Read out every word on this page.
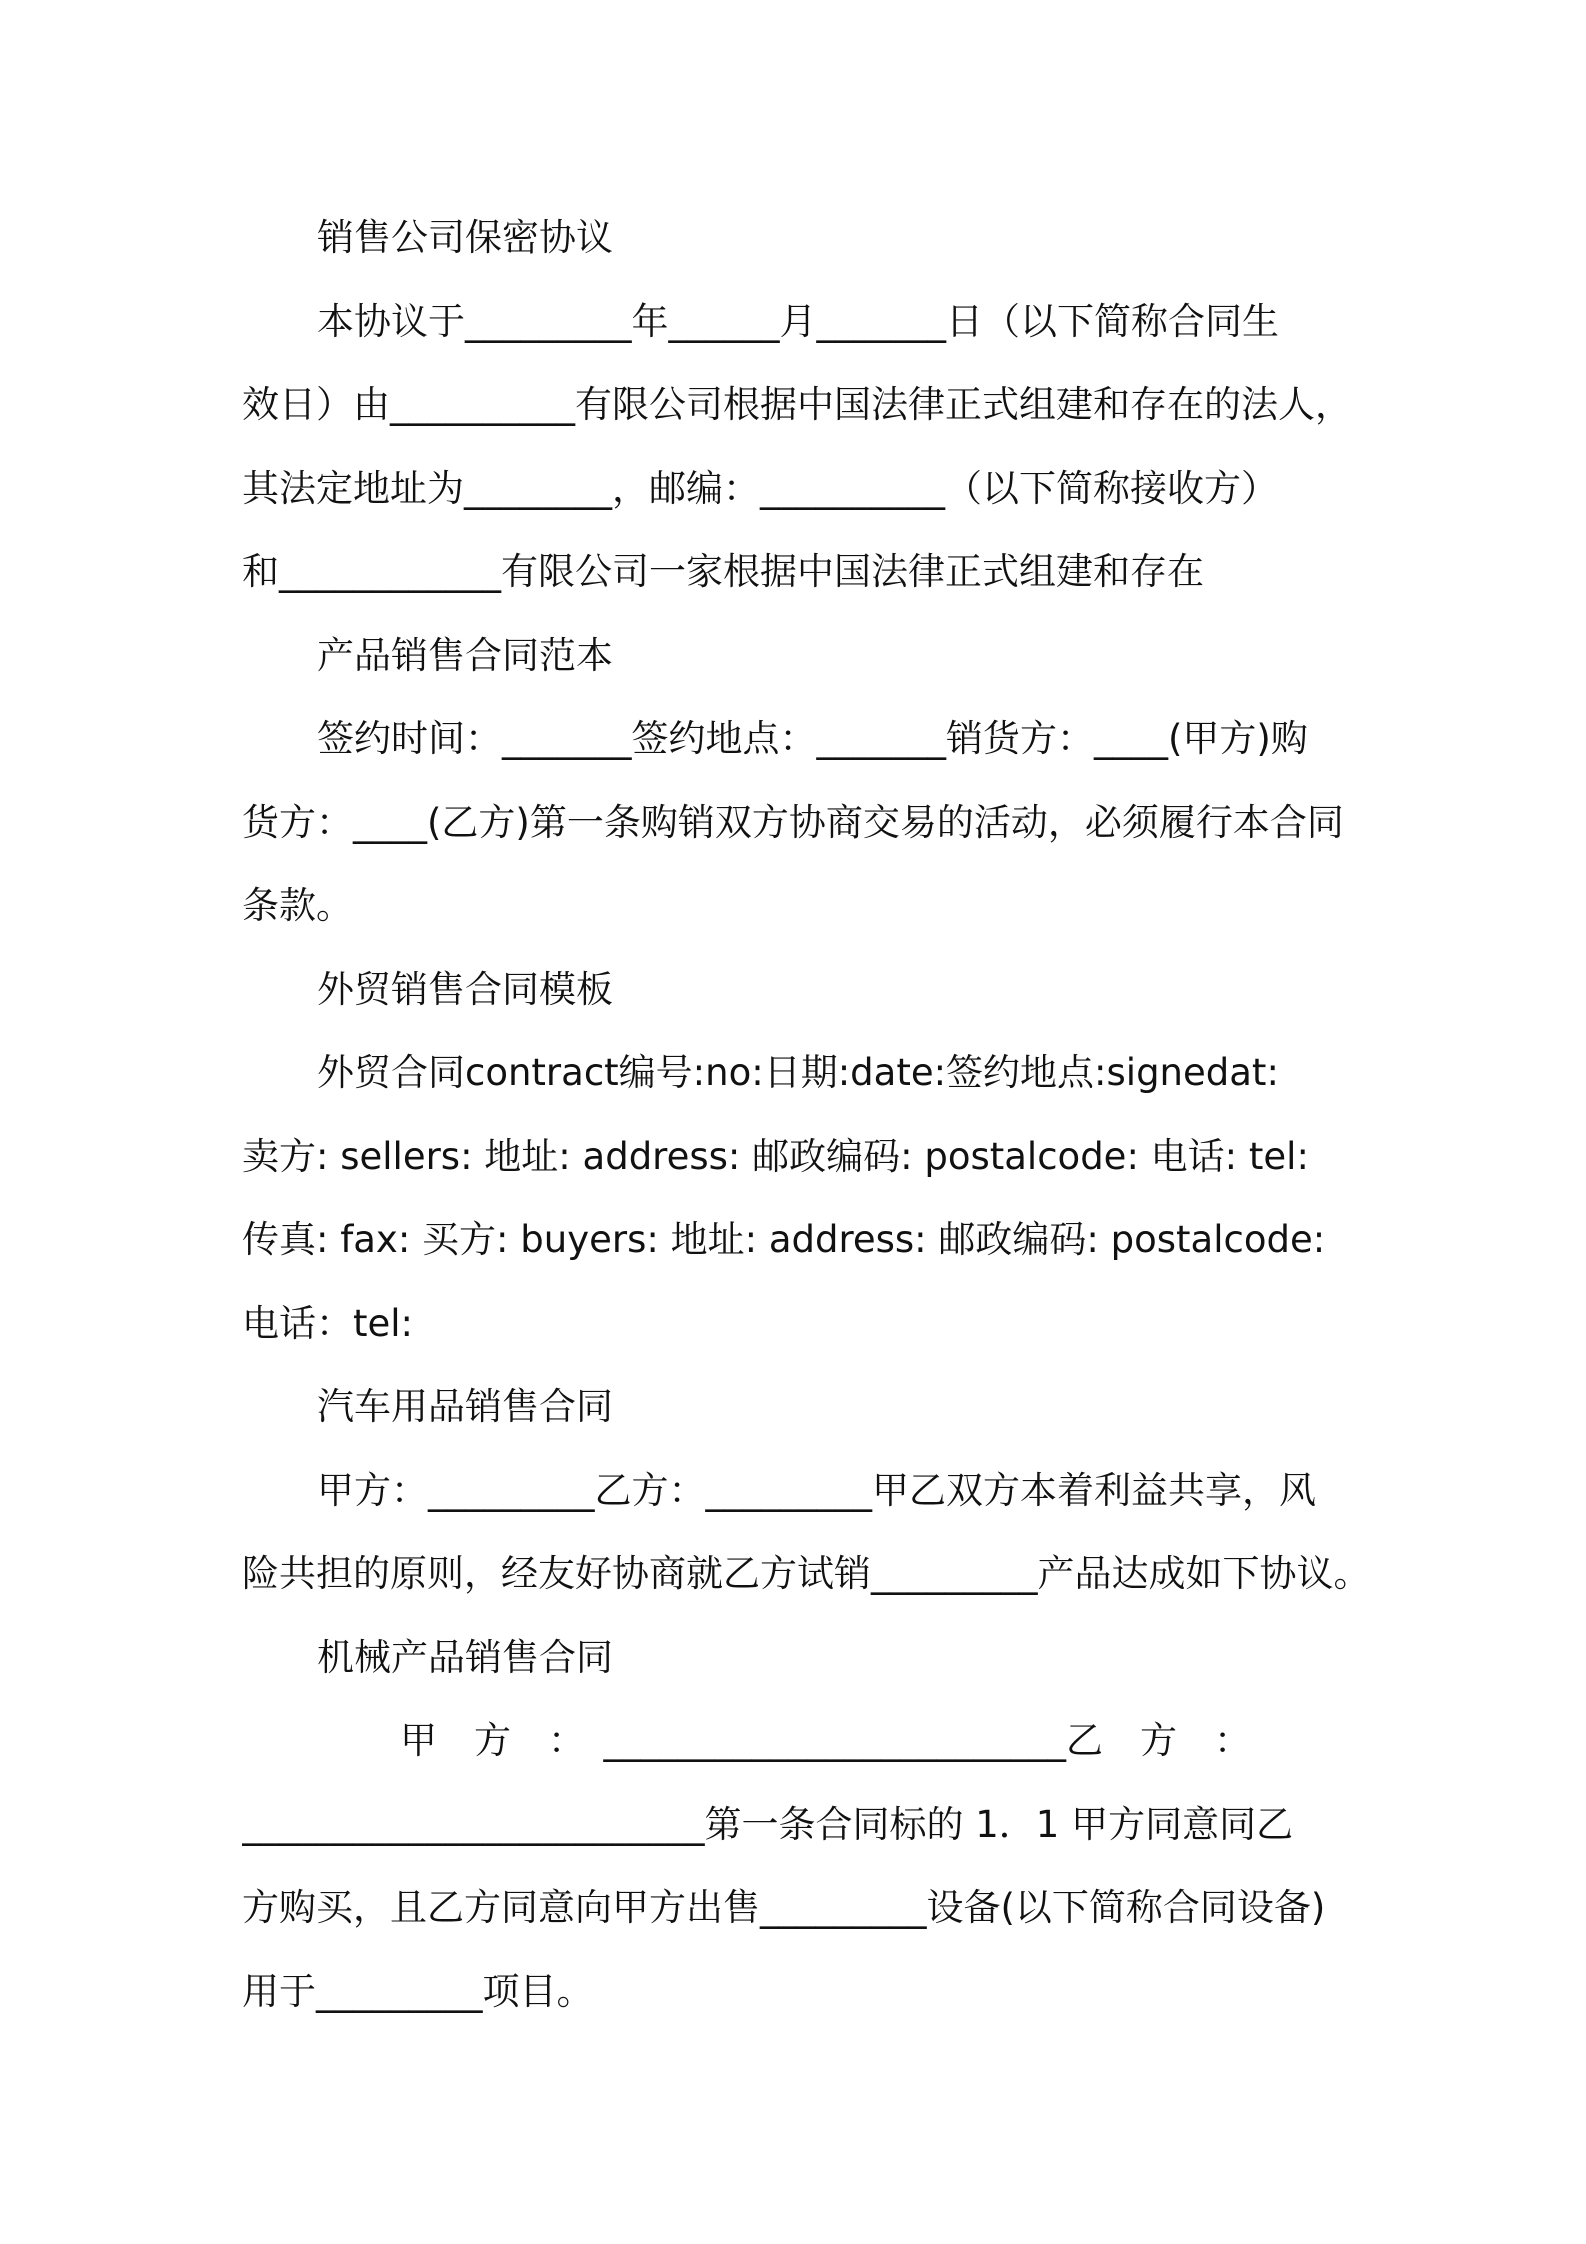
销售公司保密协议
本协议于_________年______月_______日（以下简称合同生
效日）由__________有限公司根据中国法律正式组建和存在的法人，
其法定地址为________，邮编：__________（以下简称接收方）
和____________有限公司一家根据中国法律正式组建和存在
产品销售合同范本
签约时间：_______签约地点：_______销货方：____(甲方)购
货方：____(乙方)第一条购销双方协商交易的活动，必须履行本合同
条款。
外贸销售合同模板
外贸合同contract编号:no:日期:date:签约地点:signedat:
卖方: sellers: 地址: address: 邮政编码: postalcode: 电话: tel:
传真: fax: 买方: buyers: 地址: address: 邮政编码: postalcode:
电话：tel:
汽车用品销售合同
甲方：_________乙方：_________甲乙双方本着利益共享，风
险共担的原则，经友好协商就乙方试销_________产品达成如下协议。
机械产品销售合同
甲　方　：　_________________________乙　方　：
_________________________第一条合同标的 1．1 甲方同意同乙
方购买，且乙方同意向甲方出售_________设备(以下简称合同设备)
用于_________项目。
